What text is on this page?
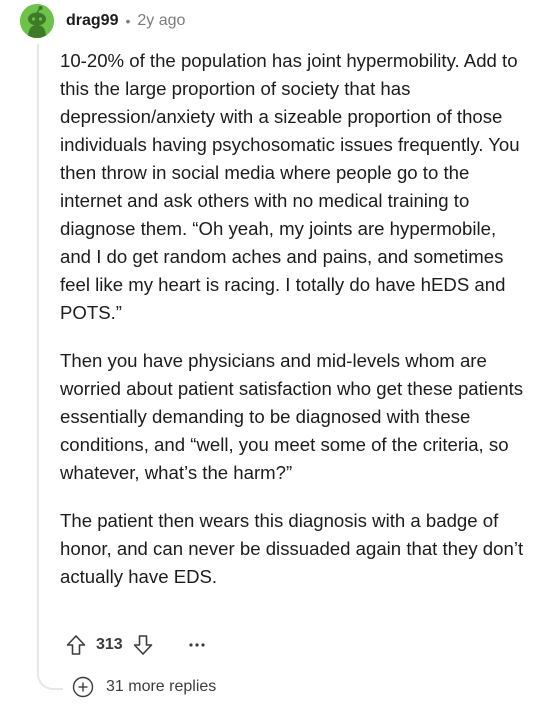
drag99 • 2y ago

10-20% of the population has joint hypermobility. Add to this the large proportion of society that has depression/anxiety with a sizeable proportion of those individuals having psychosomatic issues frequently. You then throw in social media where people go to the internet and ask others with no medical training to diagnose them. “Oh yeah, my joints are hypermobile, and I do get random aches and pains, and sometimes feel like my heart is racing. I totally do have hEDS and POTS.”

Then you have physicians and mid-levels whom are worried about patient satisfaction who get these patients essentially demanding to be diagnosed with these conditions, and “well, you meet some of the criteria, so whatever, what’s the harm?”

The patient then wears this diagnosis with a badge of honor, and can never be dissuaded again that they don’t actually have EDS.

313
31 more replies
